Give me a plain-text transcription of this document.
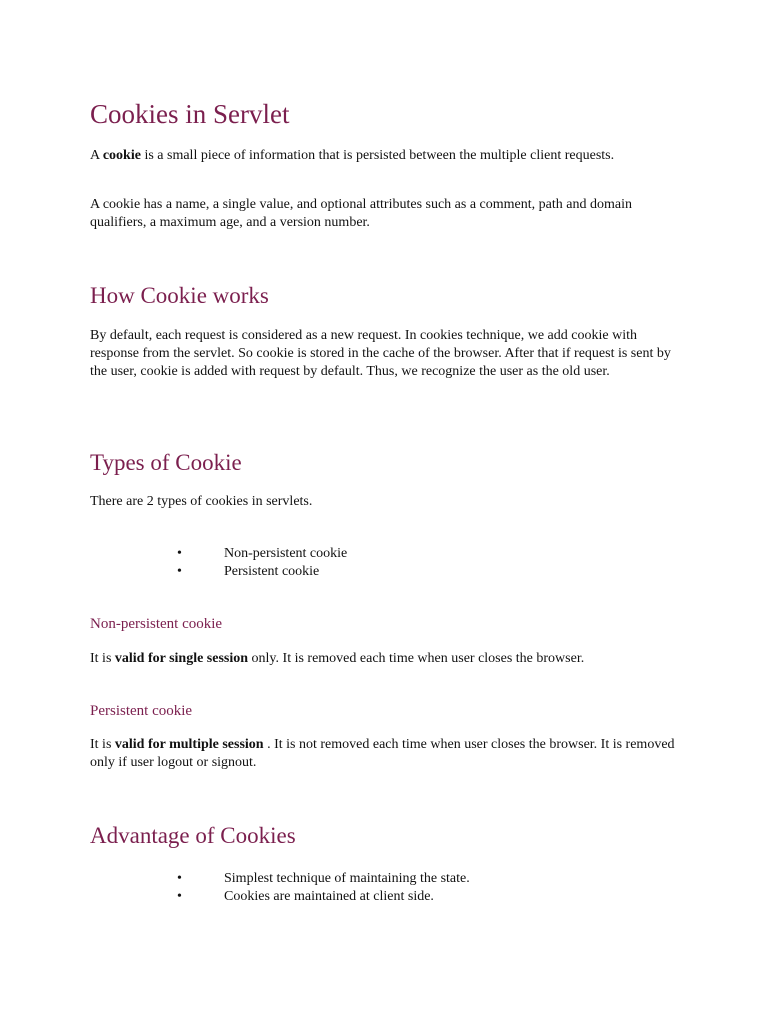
Cookies in Servlet

A cookie is a small piece of information that is persisted between the multiple client requests.

A cookie has a name, a single value, and optional attributes such as a comment, path and domain qualifiers, a maximum age, and a version number.

How Cookie works

By default, each request is considered as a new request. In cookies technique, we add cookie with response from the servlet. So cookie is stored in the cache of the browser. After that if request is sent by the user, cookie is added with request by default. Thus, we recognize the user as the old user.

Types of Cookie

There are 2 types of cookies in servlets.

•	Non-persistent cookie
•	Persistent cookie
Non-persistent cookie

It is valid for single session only. It is removed each time when user closes the browser.

Persistent cookie

It is valid for multiple session . It is not removed each time when user closes the browser. It is removed only if user logout or signout.

Advantage of Cookies
•	Simplest technique of maintaining the state.
•	Cookies are maintained at client side.
